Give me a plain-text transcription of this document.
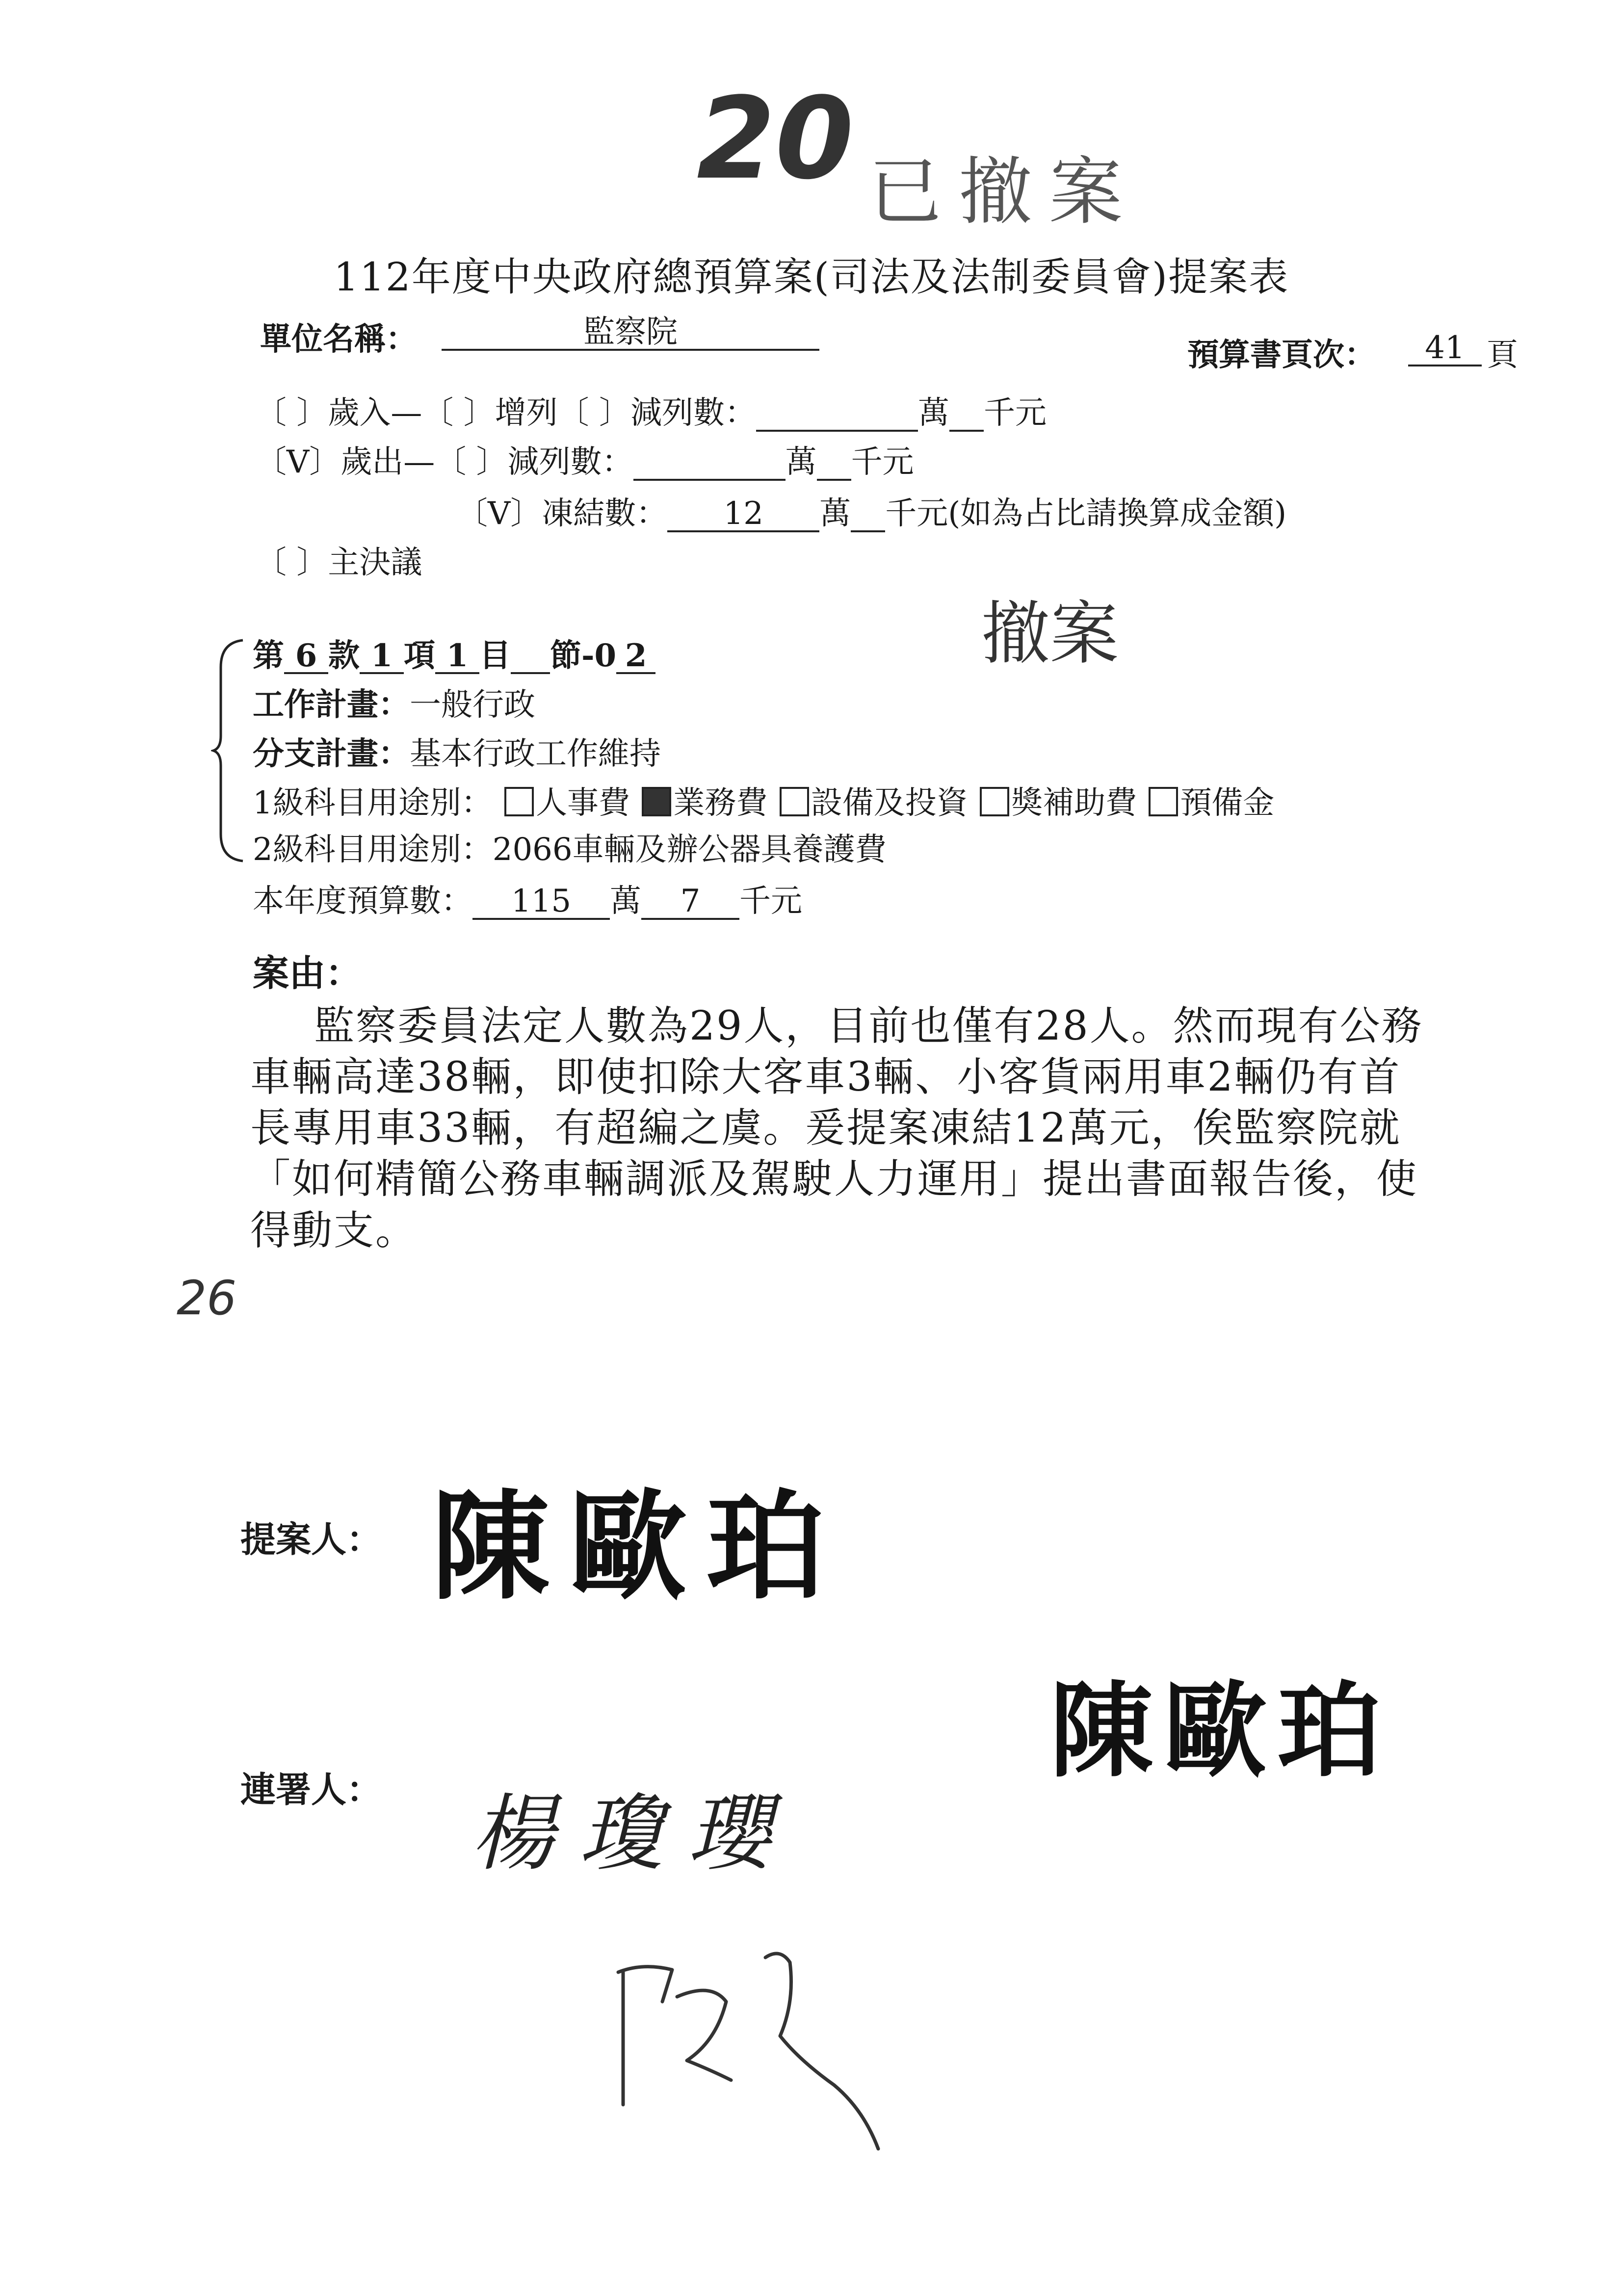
20 已撤案
112年度中央政府總預算案(司法及法制委員會)提案表
單位名稱：	監察院
預算書頁次：	41 頁
〔 〕歲入—〔 〕增列〔 〕減列數：	萬 千元
〔V〕歲出—〔 〕減列數：	萬 千元
〔V〕凍結數： 12 萬 千元(如為占比請換算成金額)
〔 〕主決議
撤案
第 6 款 1 項 1 目 節-0 2
工作計畫：一般行政
分支計畫：基本行政工作維持
1級科目用途別： 人事費 業務費 設備及投資 獎補助費 預備金
2級科目用途別：2066車輛及辦公器具養護費
本年度預算數： 115 萬 7 千元
案由：
監察委員法定人數為29人，目前也僅有28人。然而現有公務車輛高達38輛，即使扣除大客車3輛、小客貨兩用車2輛仍有首長專用車33輛，有超編之虞。爰提案凍結12萬元，俟監察院就「如何精簡公務車輛調派及駕駛人力運用」提出書面報告後，使得動支。
26
提案人： 陳歐珀
連署人：	陳歐珀
楊瓊瓔
